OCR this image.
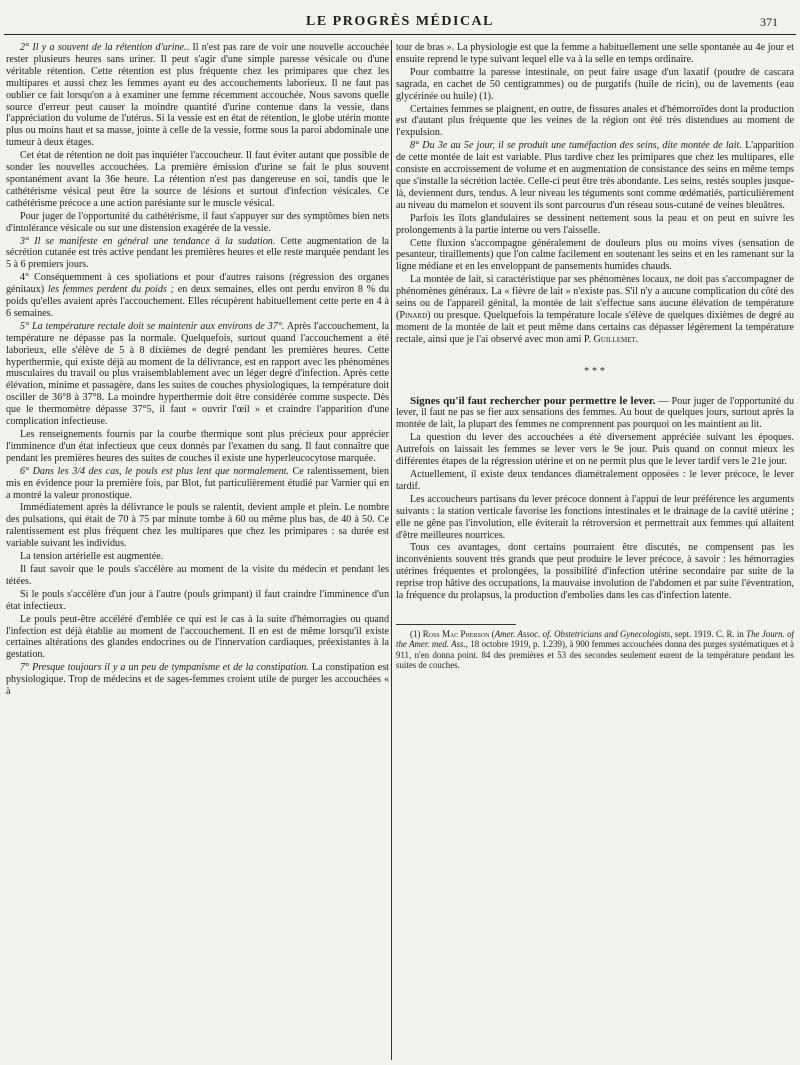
LE PROGRÈS MÉDICAL	371

2° Il y a souvent de la rétention d'urine.. Il n'est pas rare de voir une nouvelle accouchée rester plusieurs heures sans uriner. Il peut s'agir d'une simple paresse vésicale ou d'une véritable rétention. Cette rétention est plus fréquente chez les primipares que chez les multipares et aussi chez les femmes ayant eu des accouchements laborieux. Il ne faut pas oublier ce fait lorsqu'on a à examiner une femme récemment accouchée. Nous savons quelle source d'erreur peut causer la moindre quantité d'urine contenue dans la vessie, dans l'appréciation du volume de l'utérus. Si la vessie est en état de rétention, le globe utérin monte plus ou moins haut et sa masse, jointe à celle de la vessie, forme sous la paroi abdominale une tumeur à deux étages.

Cet état de rétention ne doit pas inquiéter l'accoucheur. Il faut éviter autant que possible de sonder les nouvelles accouchées. La première émission d'urine se fait le plus souvent spontanément avant la 36e heure. La rétention n'est pas dangereuse en soi, tandis que le cathétérisme vésical peut être la source de lésions et surtout d'infection vésicales. Ce cathétérisme précoce a une action parésiante sur le muscle vésical.

Pour juger de l'opportunité du cathétérisme, il faut s'appuyer sur des symptômes bien nets d'intolérance vésicale ou sur une distension exagérée de la vessie.

3° Il se manifeste en général une tendance à la sudation. Cette augmentation de la sécrétion cutanée est très active pendant les premières heures et elle reste marquée pendant les 5 à 6 premiers jours.

4° Conséquemment à ces spoliations et pour d'autres raisons (régression des organes génitaux) les femmes perdent du poids ; en deux semaines, elles ont perdu environ 8 % du poids qu'elles avaient après l'accouchement. Elles récupèrent habituellement cette perte en 4 à 6 semaines.

5° La température rectale doit se maintenir aux environs de 37°. Après l'accouchement, la température ne dépasse pas la normale. Quelquefois, surtout quand l'accouchement a été laborieux, elle s'élève de 5 à 8 dixièmes de degré pendant les premières heures. Cette hyperthermie, qui existe déjà au moment de la délivrance, est en rapport avec les phénomènes musculaires du travail ou plus vraisemblablement avec un léger degré d'infection. Après cette élévation, minime et passagère, dans les suites de couches physiologiques, la température doit osciller de 36°8 à 37°8. La moindre hyperthermie doit être considérée comme suspecte. Dès que le thermomètre dépasse 37°5, il faut « ouvrir l'œil » et craindre l'apparition d'une complication infectieuse.

Les renseignements fournis par la courbe thermique sont plus précieux pour apprécier l'imminence d'un état infectieux que ceux donnés par l'examen du sang. Il faut connaître que pendant les premières heures des suites de couches il existe une hyperleucocytose marquée.

6° Dans les 3/4 des cas, le pouls est plus lent que normalement. Ce ralentissement, bien mis en évidence pour la première fois, par Blot, fut particulièrement étudié par Varnier qui en a montré la valeur pronostique.

Immédiatement après la délivrance le pouls se ralentit, devient ample et plein. Le nombre des pulsations, qui était de 70 à 75 par minute tombe à 60 ou même plus bas, de 40 à 50. Ce ralentissement est plus fréquent chez les multipares que chez les primipares : sa durée est variable suivant les individus.

La tension artérielle est augmentée.

Il faut savoir que le pouls s'accélère au moment de la visite du médecin et pendant les tétées.

Si le pouls s'accélère d'un jour à l'autre (pouls grimpant) il faut craindre l'imminence d'un état infectieux.

Le pouls peut-être accéléré d'emblée ce qui est le cas à la suite d'hémorragies ou quand l'infection est déjà établie au moment de l'accouchement. Il en est de même lorsqu'il existe certaines altérations des glandes endocrines ou de l'innervation cardiaques, préexistantes à la gestation.

7° Presque toujours il y a un peu de tympanisme et de la constipation. La constipation est physiologique. Trop de médecins et de sages-femmes croient utile de purger les accouchées « à

tour de bras ». La physiologie est que la femme a habituellement une selle spontanée au 4e jour et ensuite reprend le type suivant lequel elle va à la selle en temps ordinaire.

Pour combattre la paresse intestinale, on peut faire usage d'un laxatif (poudre de cascara sagrada, en cachet de 50 centigrammes) ou de purgatifs (huile de ricin), ou de lavements (eau glycérinée ou huile) (1).

Certaines femmes se plaignent, en outre, de fissures anales et d'hémorroïdes dont la production est d'autant plus fréquente que les veines de la région ont été très distendues au moment de l'expulsion.

8° Du 3e au 5e jour, il se produit une tuméfaction des seins, dite montée de lait. L'apparition de cette montée de lait est variable. Plus tardive chez les primipares que chez les multipares, elle consiste en accroissement de volume et en augmentation de consistance des seins en même temps que s'installe la sécrétion lactée. Celle-ci peut être très abondante. Les seins, restés souples jusque-là, deviennent durs, tendus. A leur niveau les téguments sont comme œdématiés, particulièrement au niveau du mamelon et souvent ils sont parcourus d'un réseau sous-cutané de veines bleuâtres.

Parfois les îlots glandulaires se dessinent nettement sous la peau et on peut en suivre les prolongements à la partie interne ou vers l'aisselle.

Cette fluxion s'accompagne généralement de douleurs plus ou moins vives (sensation de pesanteur, tiraillements) que l'on calme facilement en soutenant les seins et en les ramenant sur la ligne médiane et en les enveloppant de pansements humides chauds.

La montée de lait, si caractéristique par ses phénomènes locaux, ne doit pas s'accompagner de phénomènes généraux. La « fièvre de lait » n'existe pas. S'il n'y a aucune complication du côté des seins ou de l'appareil génital, la montée de lait s'effectue sans aucune élévation de température (Pinard) ou presque. Quelquefois la température locale s'élève de quelques dixièmes de degré au moment de la montée de lait et peut même dans certains cas dépasser légèrement la température rectale, ainsi que je l'ai observé avec mon ami P. Guillemet.

* * *

Signes qu'il faut rechercher pour permettre le lever. — Pour juger de l'opportunité du lever, il faut ne pas se fier aux sensations des femmes. Au bout de quelques jours, surtout après la montée de lait, la plupart des femmes ne comprennent pas pourquoi on les maintient au lit.

La question du lever des accouchées a été diversement appréciée suivant les époques. Autrefois on laissait les femmes se lever vers le 9e jour. Puis quand on connut mieux les différentes étapes de la régression utérine et on ne permit plus que le lever tardif vers le 21e jour.

Actuellement, il existe deux tendances diamétralement opposées : le lever précoce, le lever tardif.

Les accoucheurs partisans du lever précoce donnent à l'appui de leur préférence les arguments suivants : la station verticale favorise les fonctions intestinales et le drainage de la cavité utérine ; elle ne gêne pas l'involution, elle éviterait la rétroversion et permettrait aux femmes qui allaitent d'être meilleures nourrices.

Tous ces avantages, dont certains pourraient être discutés, ne compensent pas les inconvénients souvent très grands que peut produire le lever précoce, à savoir : les hémorragies utérines fréquentes et prolongées, la possibilité d'infection utérine secondaire par suite de la reprise trop hâtive des occupations, la mauvaise involution de l'abdomen et par suite l'éventration, la fréquence du prolapsus, la production d'embolies dans les cas d'infection latente.

(1) Ross Mac Pherson (Amer. Assoc. of. Obstetricians and Gynecologists, sept. 1919. C. R. in The Journ. of the Amer. med. Ass., 18 octobre 1919, p. 1.239), à 900 femmes accouchées donna des purges systématiques et à 911, n'en donna point. 84 des premières et 53 des secondes seulement eurent de la température pendant les suites de couches.
